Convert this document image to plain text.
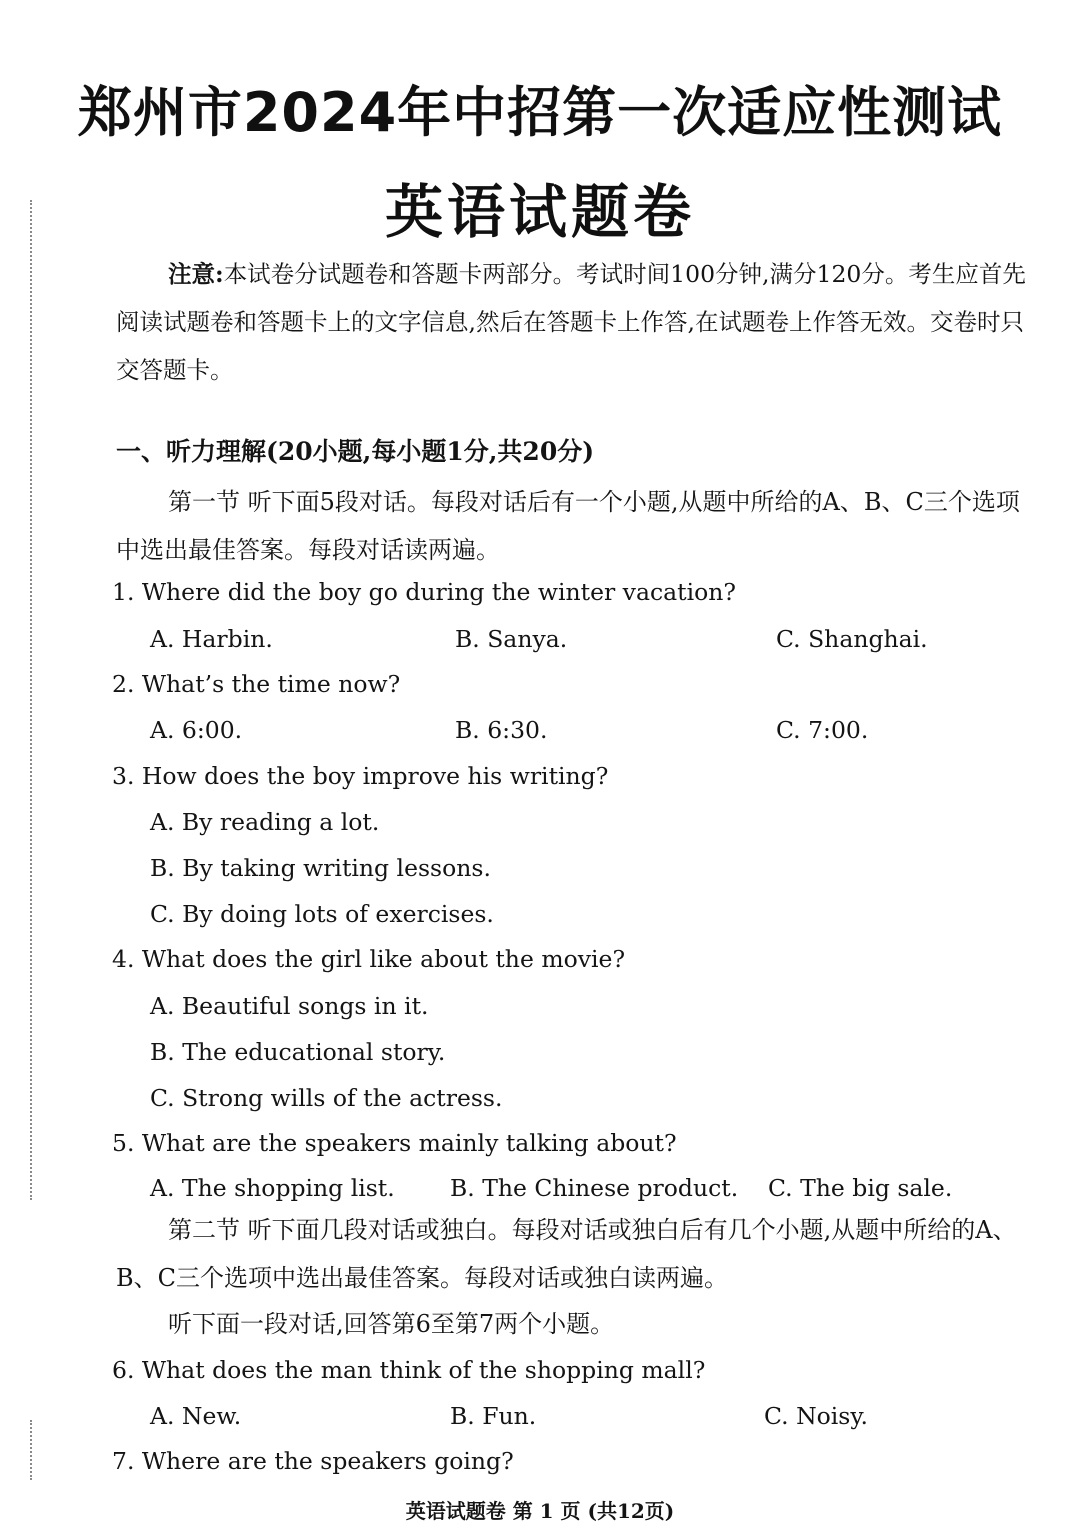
郑州市2024年中招第一次适应性测试
英语试题卷

注意:本试卷分试题卷和答题卡两部分。考试时间100分钟,满分120分。考生应首先阅读试题卷和答题卡上的文字信息,然后在答题卡上作答,在试题卷上作答无效。交卷时只交答题卡。

一、听力理解(20小题,每小题1分,共20分)

第一节 听下面5段对话。每段对话后有一个小题,从题中所给的A、B、C三个选项中选出最佳答案。每段对话读两遍。

1. Where did the boy go during the winter vacation?

A. Harbin.	B. Sanya.	C. Shanghai.

2. What’s the time now?

A. 6:00.	B. 6:30.	C. 7:00.

3. How does the boy improve his writing?

A. By reading a lot.

B. By taking writing lessons.

C. By doing lots of exercises.

4. What does the girl like about the movie?

A. Beautiful songs in it.

B. The educational story.

C. Strong wills of the actress.

5. What are the speakers mainly talking about?

A. The shopping list. B. The Chinese product. C. The big sale.

第二节 听下面几段对话或独白。每段对话或独白后有几个小题,从题中所给的A、B、C三个选项中选出最佳答案。每段对话或独白读两遍。

听下面一段对话,回答第6至第7两个小题。

6. What does the man think of the shopping mall?

A. New.	B. Fun.	C. Noisy.

7. Where are the speakers going?

英语试题卷 第 1 页 (共12页)
